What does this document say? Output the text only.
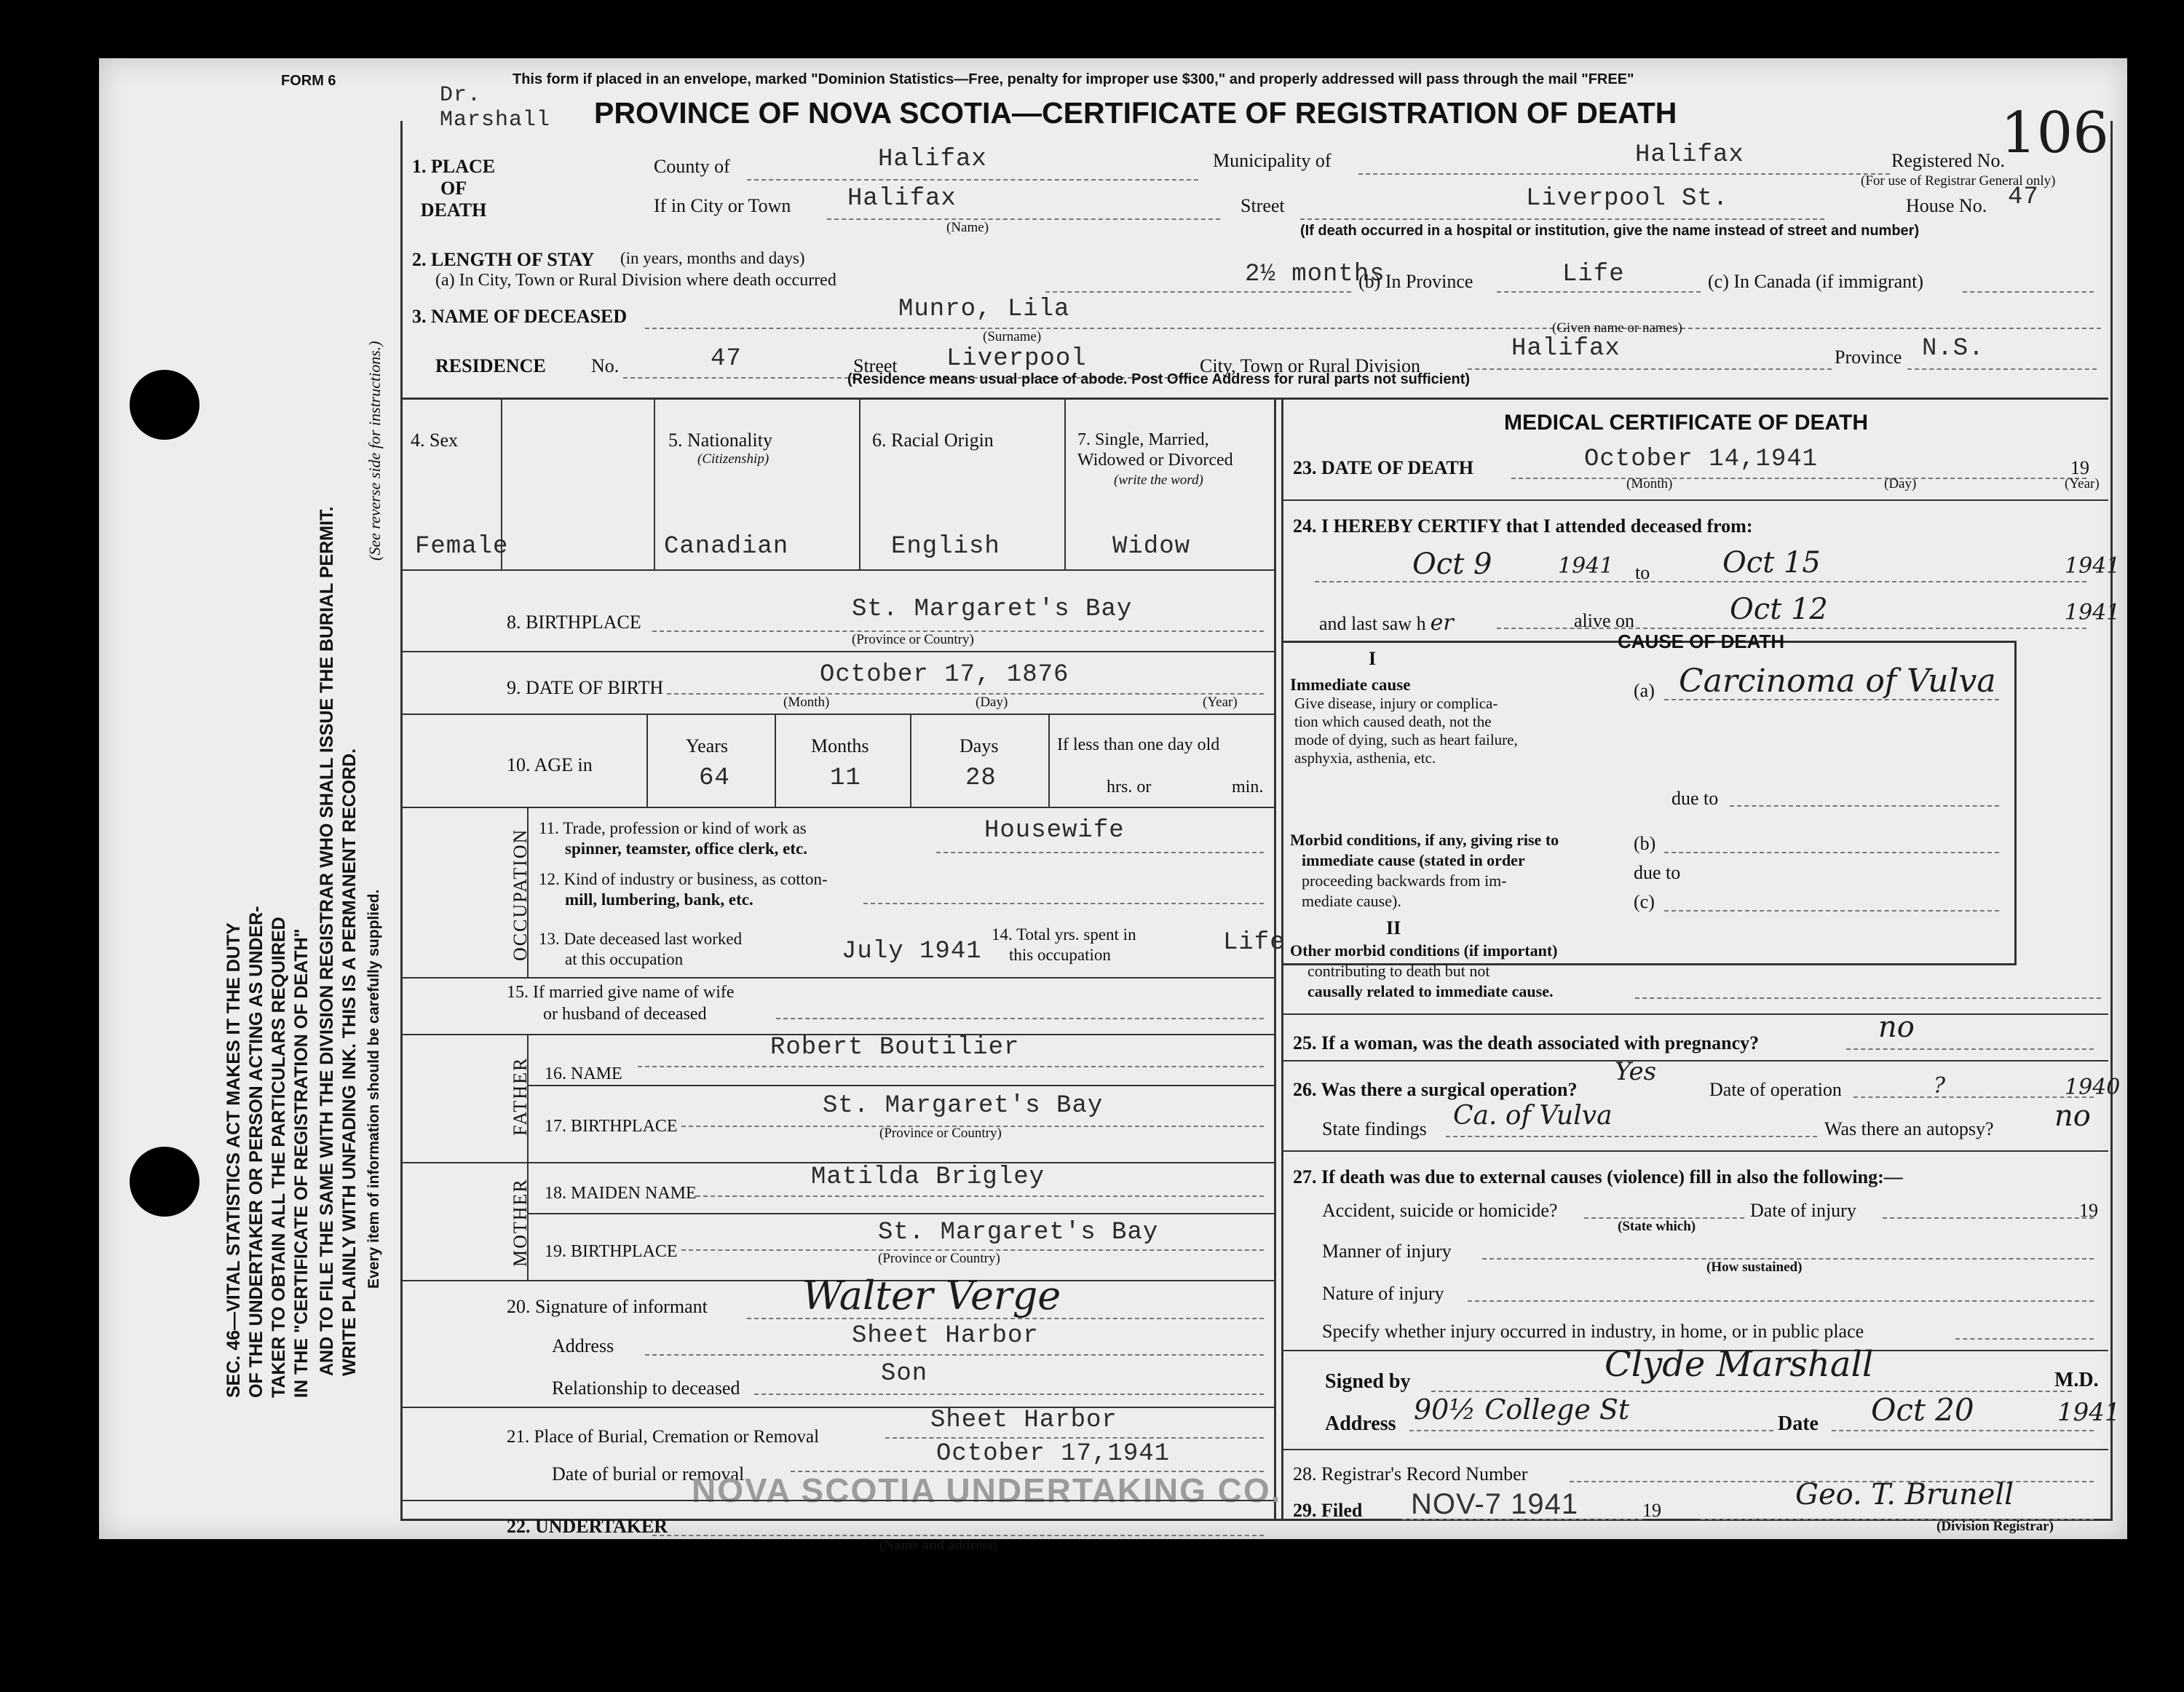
SEC. 46—VITAL STATISTICS ACT MAKES IT THE DUTY OF THE UNDERTAKER OR PERSON ACTING AS UNDER- TAKER TO OBTAIN ALL THE PARTICULARS REQUIRED IN THE "CERTIFICATE OF REGISTRATION OF DEATH" AND TO FILE THE SAME WITH THE DIVISION REGISTRAR WHO SHALL ISSUE THE BURIAL PERMIT. WRITE PLAINLY WITH UNFADING INK. THIS IS A PERMANENT RECORD. Every item of information should be carefully supplied.
(See reverse side for instructions.)
FORM 6	This form if placed in an envelope, marked "Dominion Statistics—Free, penalty for improper use $300," and properly addressed will pass through the mail "FREE"
Dr.
Marshall PROVINCE OF NOVA SCOTIA—CERTIFICATE OF REGISTRATION OF DEATH
1. PLACE
OF
DEATH
County of	Halifax	Municipality of	Halifax	Registered No.
(For use of Registrar General only)
106
If in City or Town Halifax
(Name)
Street	Liverpool St.	House No. 47
(If death occurred in a hospital or institution, give the name instead of street and number)
2. LENGTH OF STAY (in years, months and days)
(a) In City, Town or Rural Division where death occurred	2½ months
(b) In Province	Life	(c) In Canada (if immigrant)
3. NAME OF DECEASED	Munro, Lila
(Surname)
(Given name or names)
RESIDENCE No.	47	Street Liverpool	City, Town or Rural Division
Halifax	Province N.S.
(Residence means usual place of abode. Post Office Address for rural parts not sufficient)
4. Sex
Female
5. Nationality
(Citizenship)
Canadian
6. Racial Origin
English
7. Single, Married,
Widowed or Divorced
(write the word)
Widow
8. BIRTHPLACE	St. Margaret's Bay
(Province or Country)
9. DATE OF BIRTH	October 17, 1876
(Month)	(Day)	(Year)
10. AGE in
Years	Months	Days	If less than one day old
64	11	28	hrs. or	min.
OCCUPATION
11. Trade, profession or kind of work as
spinner, teamster, office clerk, etc.
Housewife
12. Kind of industry or business, as cotton-
mill, lumbering, bank, etc.
13. Date deceased last worked
at this occupation	July 1941
14. Total yrs. spent in
this occupation	Life
15. If married give name of wife
or husband of deceased
FATHER 16. NAME
Robert Boutilier
17. BIRTHPLACE
St. Margaret's Bay
(Province or Country)
MOTHER 18. MAIDEN NAME
Matilda Brigley
19. BIRTHPLACE
St. Margaret's Bay
(Province or Country)
20. Signature of informant Walter Verge
Address	Sheet Harbor
Relationship to deceased
Son
21. Place of Burial, Cremation or Removal
Sheet Harbor
Date of burial or removal
October 17,1941
NOVA SCOTIA UNDERTAKING CO.
22. UNDERTAKER
(Name and address)
MEDICAL CERTIFICATE OF DEATH
23. DATE OF DEATH	October 14,1941	19
(Month)	(Day)	(Year)
24. I HEREBY CERTIFY that I attended deceased from:
Oct 9	1941 to Oct 15	1941
and last saw h er	alive on	Oct 12	1941
CAUSE OF DEATH
I
Immediate cause
Give disease, injury or complica-
tion which caused death, not the
mode of dying, such as heart failure,
asphyxia, asthenia, etc.
(a) Carcinoma of Vulva
due to
Morbid conditions, if any, giving rise to
immediate cause (stated in order
proceeding backwards from im-
mediate cause).
(b)
due to
(c)
II
Other morbid conditions (if important)
contributing to death but not
causally related to immediate cause.
25. If a woman, was the death associated with pregnancy?	no
26. Was there a surgical operation?
Yes
Date of operation	?	1940
State findings Ca. of Vulva	Was there an autopsy? no
27. If death was due to external causes (violence) fill in also the following:—
Accident, suicide or homicide?
(State which)
Date of injury	19
Manner of injury
(How sustained)
Nature of injury
Specify whether injury occurred in industry, in home, or in public place
Signed by	Clyde Marshall	M.D.
Address 90½ College St	Date Oct 20	1941
28. Registrar's Record Number
29. Filed NOV-7 1941	19	Geo. T. Brunell
(Division Registrar)
